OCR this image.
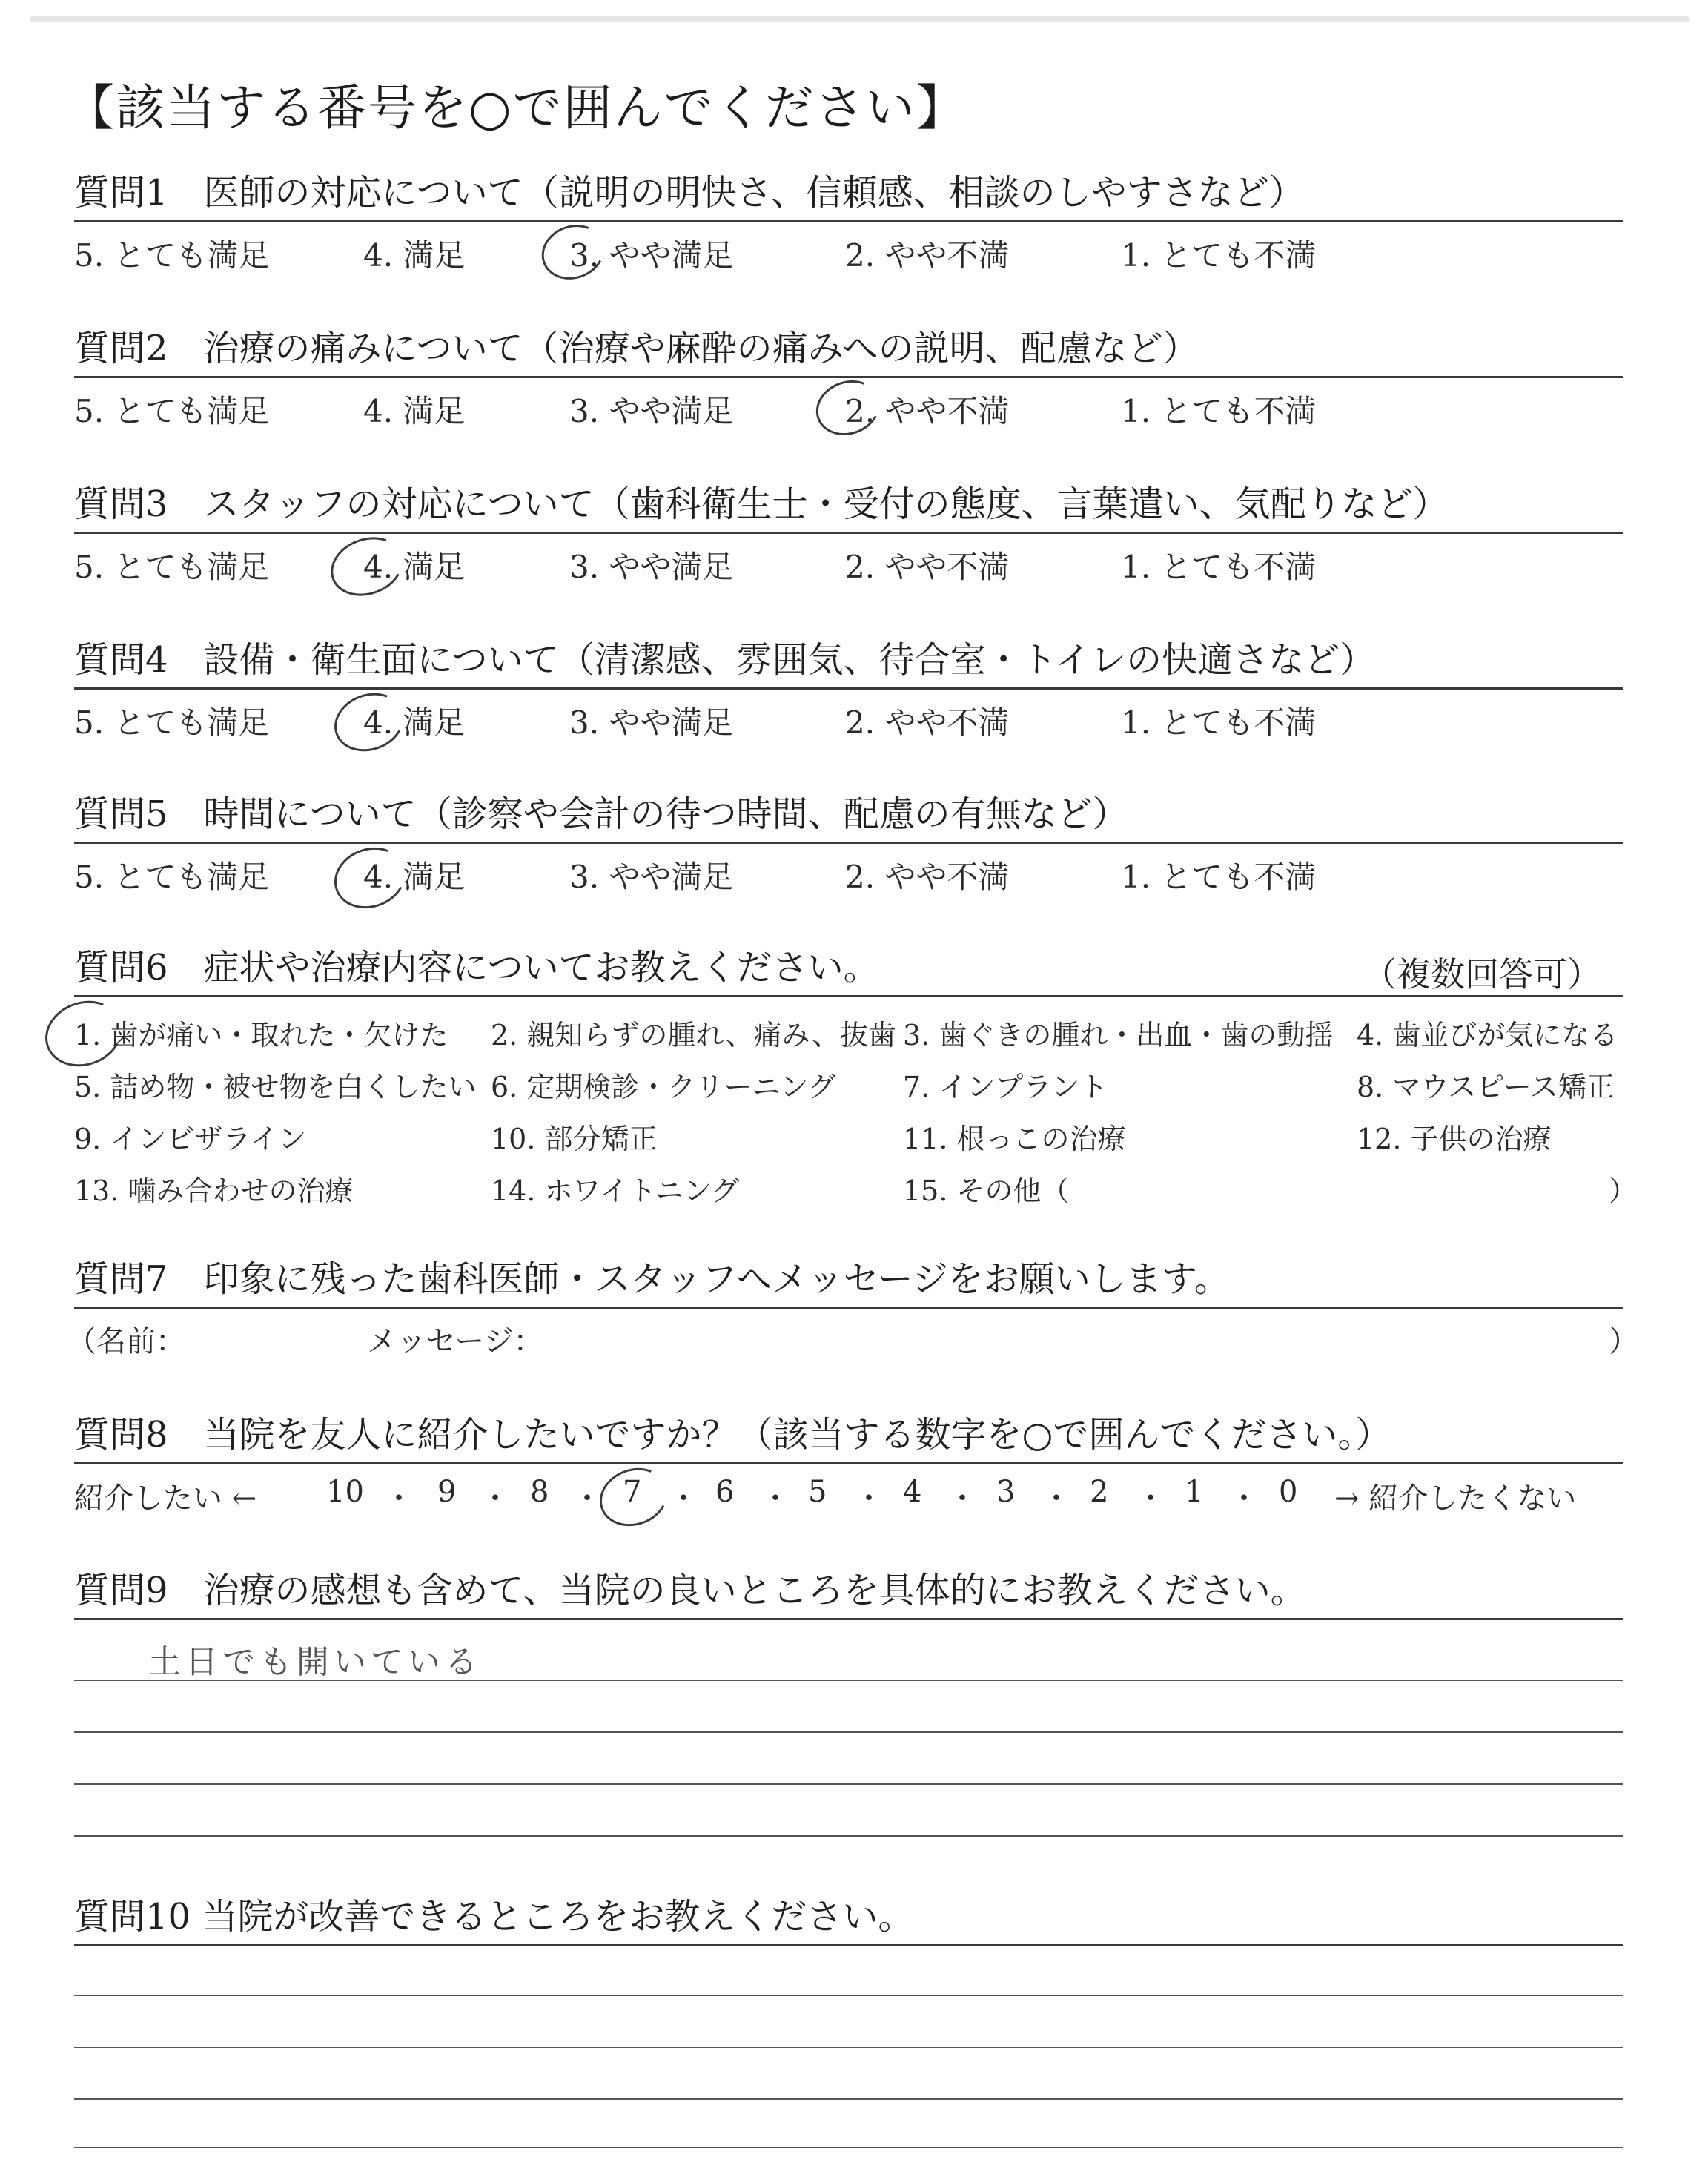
【該当する番号を○で囲んでください】
質問1　医師の対応について（説明の明快さ、信頼感、相談のしやすさなど）
5. とても満足	4. 満足	3. やや満足	2. やや不満	1. とても不満
質問2　治療の痛みについて（治療や麻酔の痛みへの説明、配慮など）
5. とても満足	4. 満足	3. やや満足	2. やや不満	1. とても不満
質問3　スタッフの対応について（歯科衛生士・受付の態度、言葉遣い、気配りなど）
5. とても満足	4. 満足	3. やや満足	2. やや不満	1. とても不満
質問4　設備・衛生面について（清潔感、雰囲気、待合室・トイレの快適さなど）
5. とても満足	4. 満足	3. やや満足	2. やや不満	1. とても不満
質問5　時間について（診察や会計の待つ時間、配慮の有無など）
5. とても満足	4. 満足	3. やや満足	2. やや不満	1. とても不満
質問6　症状や治療内容についてお教えください。	（複数回答可）
1. 歯が痛い・取れた・欠けた 2. 親知らずの腫れ、痛み、抜歯 3. 歯ぐきの腫れ・出血・歯の動揺 4. 歯並びが気になる
5. 詰め物・被せ物を白くしたい 6. 定期検診・クリーニング 7. インプラント	8. マウスピース矯正
9. インビザライン	10. 部分矯正	11. 根っこの治療	12. 子供の治療
13. 噛み合わせの治療	14. ホワイトニング	15. その他（	）
質問7　印象に残った歯科医師・スタッフへメッセージをお願いします。
（名前：	メッセージ：	）
質問8　当院を友人に紹介したいですか？（該当する数字を○で囲んでください。）
紹介したい ← 10 ・ 9 ・ 8 ・ 7 ・ 6 ・ 5 ・ 4 ・ 3 ・ 2 ・ 1 ・ 0 → 紹介したくない
質問9　治療の感想も含めて、当院の良いところを具体的にお教えください。
土日でも開いている
質問10 当院が改善できるところをお教えください。
